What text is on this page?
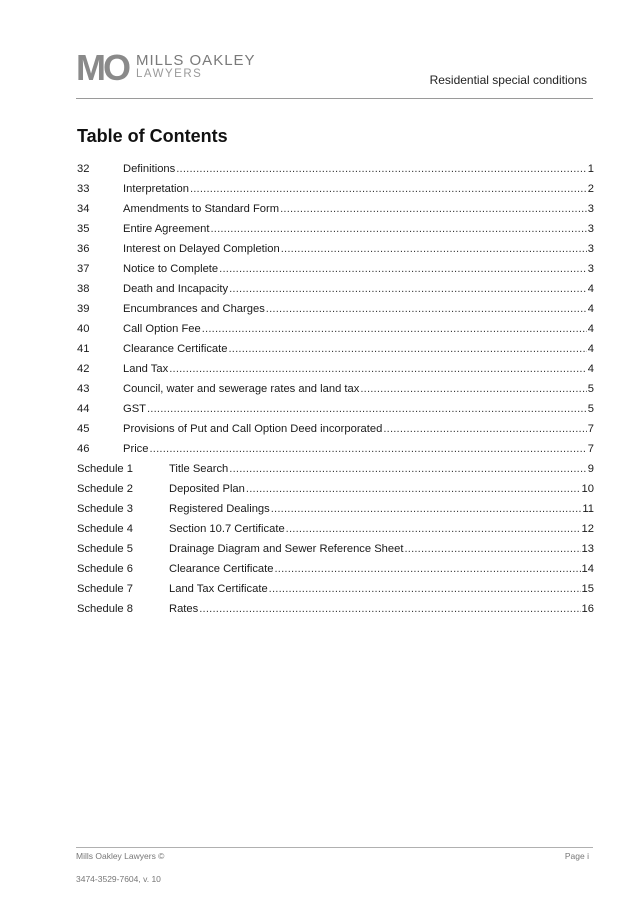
MO MILLS OAKLEY
LAWYERS	Residential special conditions
Table of Contents
32	Definitions .....	1
33	Interpretation .....	2
34	Amendments to Standard Form .....	3
35	Entire Agreement .....	3
36	Interest on Delayed Completion .....	3
37	Notice to Complete .....	3
38	Death and Incapacity .....	4
39	Encumbrances and Charges .....	4
40	Call Option Fee .....	4
41	Clearance Certificate .....	4
42	Land Tax .....	4
43	Council, water and sewerage rates and land tax .....	5
44	GST .....	5
45	Provisions of Put and Call Option Deed incorporated .....	7
46	Price .....	7
Schedule 1	Title Search .....	9
Schedule 2	Deposited Plan .....	10
Schedule 3	Registered Dealings .....	11
Schedule 4	Section 10.7 Certificate .....	12
Schedule 5	Drainage Diagram and Sewer Reference Sheet .....	13
Schedule 6	Clearance Certificate .....	14
Schedule 7	Land Tax Certificate .....	15
Schedule 8	Rates .....	16
Mills Oakley Lawyers ©	Page i
3474-3529-7604, v. 10
